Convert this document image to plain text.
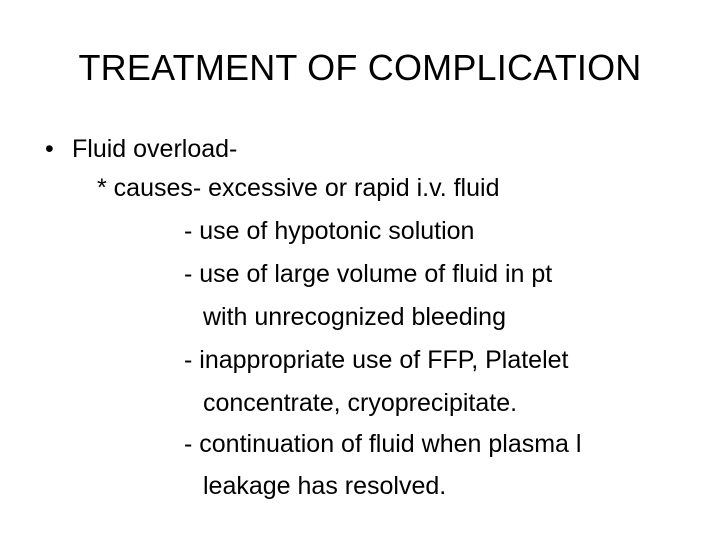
TREATMENT OF COMPLICATION
• Fluid overload-
* causes- excessive or rapid i.v. fluid
- use of hypotonic solution
- use of large volume of fluid in pt
with unrecognized bleeding
- inappropriate use of FFP, Platelet
concentrate, cryoprecipitate.
- continuation of fluid when plasma l
leakage has resolved.
